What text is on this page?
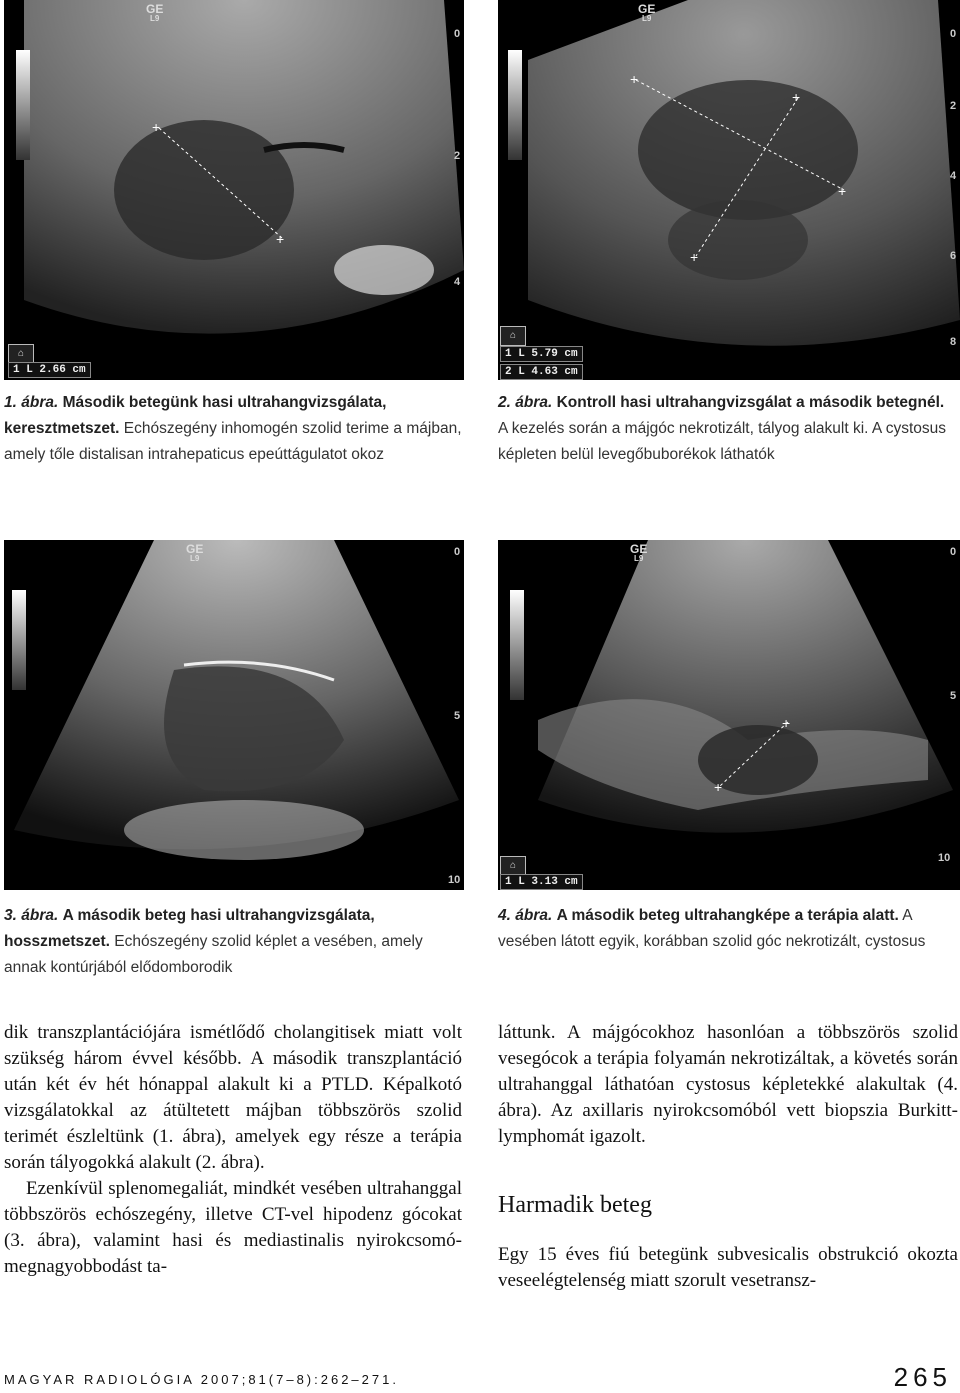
+
+
GE
L9
0
2
4
⌂
1 L 2.66 cm
1. ábra. Második betegünk hasi ultrahangvizsgálata, keresztmetszet. Echószegény inhomogén szolid terime a májban, amely tőle distalisan intrahepaticus epeúttágulatot okoz
+
+
+
+
GE
L9
0
2
4
6
8
⌂
1 L 5.79 cm
2 L 4.63 cm
2. ábra. Kontroll hasi ultrahangvizsgálat a második betegnél. A kezelés során a májgóc nekrotizált, tályog alakult ki. A cystosus képleten belül levegőbuborékok láthatók
GE
L9
0
5
10
3. ábra. A második beteg hasi ultrahangvizsgálata, hosszmetszet. Echószegény szolid képlet a vesében, amely annak kontúrjából elődomborodik
+
+
GE
L9
0
5
10
⌂
1 L 3.13 cm
4. ábra. A második beteg ultrahangképe a terápia alatt. A vesében látott egyik, korábban szolid góc nekrotizált, cystosus

dik transzplantációjára ismétlődő cholangitisek miatt volt szükség három évvel később. A második transzplantáció után két év hét hónappal alakult ki a PTLD. Képalkotó vizsgálatokkal az átültetett májban többszörös szolid terimét észleltünk (1. ábra), amelyek egy része a terápia során tályogokká alakult (2. ábra).

Ezenkívül splenomegaliát, mindkét vesében ultrahanggal többszörös echószegény, illetve CT-vel hipodenz gócokat (3. ábra), valamint hasi és mediastinalis nyirokcsomó-megnagyobbodást ta-

láttunk. A májgócokhoz hasonlóan a többszörös szolid vesegócok a terápia folyamán nekrotizáltak, a követés során ultrahanggal láthatóan cystosus képletekké alakultak (4. ábra). Az axillaris nyirokcsomóból vett biopszia Burkitt-lymphomát igazolt.

Harmadik beteg

Egy 15 éves fiú betegünk subvesicalis obstrukció okozta veseelégtelenség miatt szorult vesetransz-

MAGYAR RADIOLÓGIA 2007;81(7–8):262–271.	265
